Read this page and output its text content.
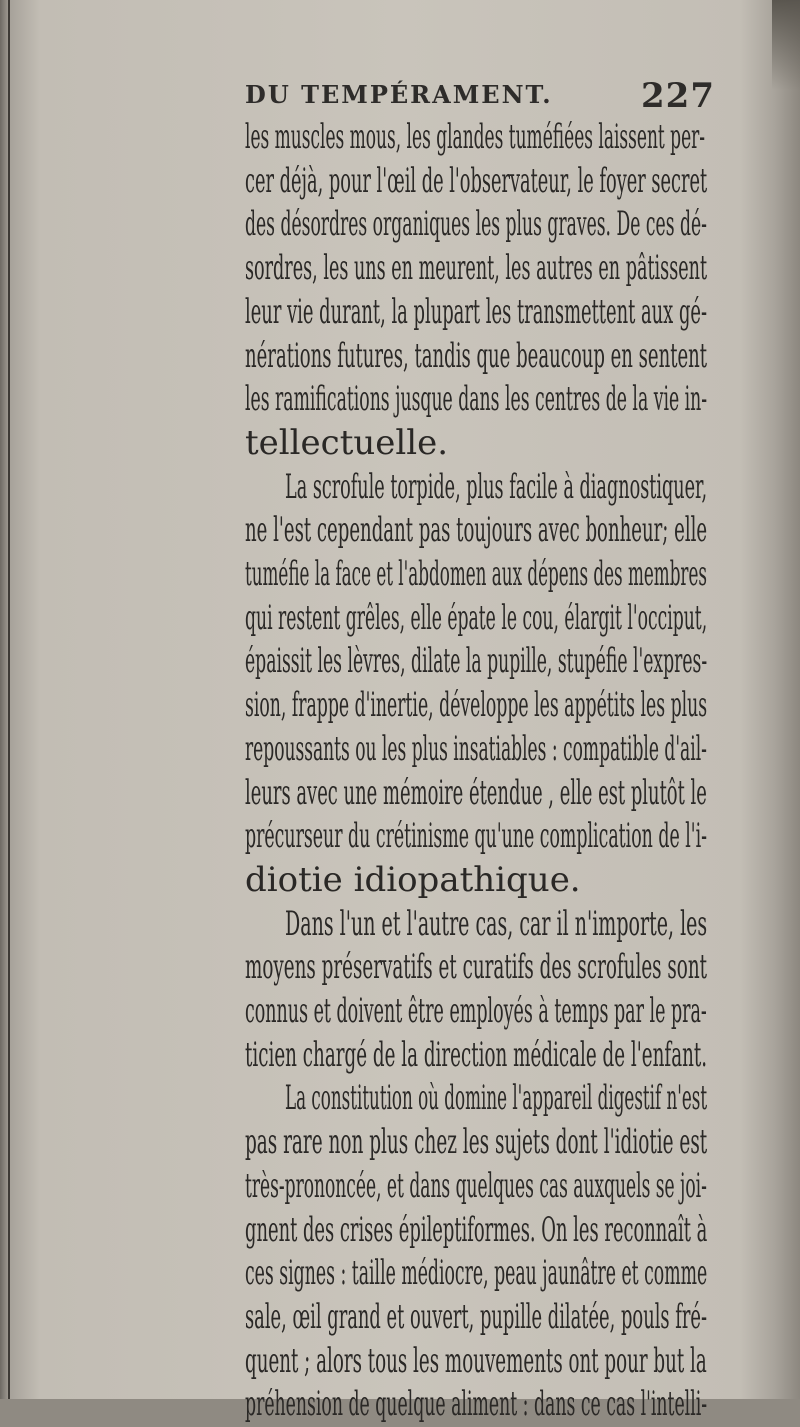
DU TEMPÉRAMENT.	227
les muscles mous, les glandes tuméfiées laissent per-
cer déjà, pour l'œil de l'observateur, le foyer secret
des désordres organiques les plus graves. De ces dé-
sordres, les uns en meurent, les autres en pâtissent
leur vie durant, la plupart les transmettent aux gé-
nérations futures, tandis que beaucoup en sentent
les ramifications jusque dans les centres de la vie in-
tellectuelle.
La scrofule torpide, plus facile à diagnostiquer,
ne l'est cependant pas toujours avec bonheur; elle
tuméfie la face et l'abdomen aux dépens des membres
qui restent grêles, elle épate le cou, élargit l'occiput,
épaissit les lèvres, dilate la pupille, stupéfie l'expres-
sion, frappe d'inertie, développe les appétits les plus
repoussants ou les plus insatiables : compatible d'ail-
leurs avec une mémoire étendue , elle est plutôt le
précurseur du crétinisme qu'une complication de l'i-
diotie idiopathique.
Dans l'un et l'autre cas, car il n'importe, les
moyens préservatifs et curatifs des scrofules sont
connus et doivent être employés à temps par le pra-
ticien chargé de la direction médicale de l'enfant.
La constitution où domine l'appareil digestif n'est
pas rare non plus chez les sujets dont l'idiotie est
très-prononcée, et dans quelques cas auxquels se joi-
gnent des crises épileptiformes. On les reconnaît à
ces signes : taille médiocre, peau jaunâtre et comme
sale, œil grand et ouvert, pupille dilatée, pouls fré-
quent ; alors tous les mouvements ont pour but la
préhension de quelque aliment : dans ce cas l'intelli-
